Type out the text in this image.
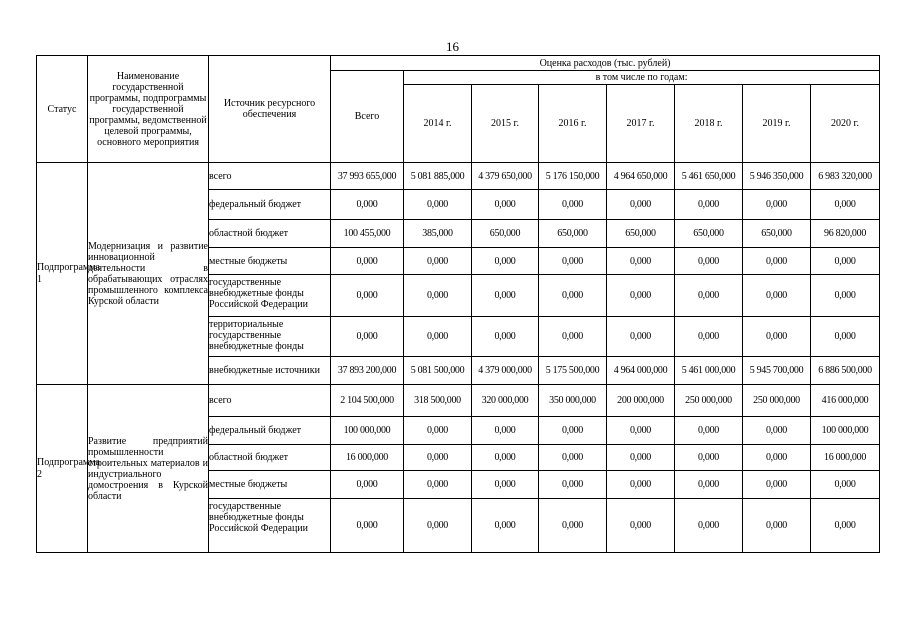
16
Статус	Наименование государственной программы, подпрограммы государственной программы, ведомственной целевой программы, основного мероприятия	Источник ресурсного обеспечения	Оценка расходов (тыс. рублей)							
			Всего	в том числе по годам:						
				2014 г.	2015 г.	2016 г.	2017 г.	2018 г.	2019 г.	2020 г.
Подпрограмма 1	Модернизация и развитие инновационной деятельности в обрабатывающих отраслях промышленного комплекса Курской области	всего	37 993 655,000	5 081 885,000	4 379 650,000	5 176 150,000	4 964 650,000	5 461 650,000	5 946 350,000	6 983 320,000
		федеральный бюджет	0,000	0,000	0,000	0,000	0,000	0,000	0,000	0,000
		областной бюджет	100 455,000	385,000	650,000	650,000	650,000	650,000	650,000	96 820,000
		местные бюджеты	0,000	0,000	0,000	0,000	0,000	0,000	0,000	0,000
		государственные внебюджетные фонды Российской Федерации	0,000	0,000	0,000	0,000	0,000	0,000	0,000	0,000
		территориальные государственные внебюджетные фонды	0,000	0,000	0,000	0,000	0,000	0,000	0,000	0,000
		внебюджетные источники	37 893 200,000	5 081 500,000	4 379 000,000	5 175 500,000	4 964 000,000	5 461 000,000	5 945 700,000	6 886 500,000
Подпрограмма 2	Развитие предприятий промышленности строительных материалов и индустриального домостроения в Курской области	всего	2 104 500,000	318 500,000	320 000,000	350 000,000	200 000,000	250 000,000	250 000,000	416 000,000
		федеральный бюджет	100 000,000	0,000	0,000	0,000	0,000	0,000	0,000	100 000,000
		областной бюджет	16 000,000	0,000	0,000	0,000	0,000	0,000	0,000	16 000,000
		местные бюджеты	0,000	0,000	0,000	0,000	0,000	0,000	0,000	0,000
		государственные внебюджетные фонды Российской Федерации	0,000	0,000	0,000	0,000	0,000	0,000	0,000	0,000
